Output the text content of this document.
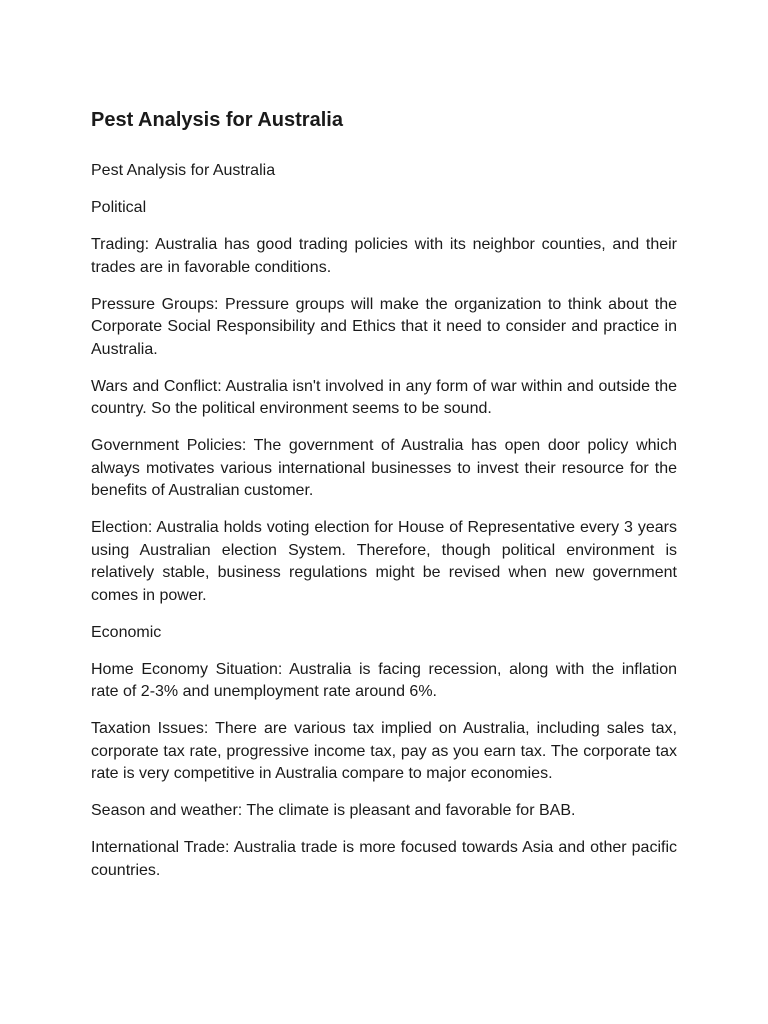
Pest Analysis for Australia

Pest Analysis for Australia

Political

Trading: Australia has good trading policies with its neighbor counties, and their trades are in favorable conditions.

Pressure Groups: Pressure groups will make the organization to think about the Corporate Social Responsibility and Ethics that it need to consider and practice in Australia.

Wars and Conflict: Australia isn't involved in any form of war within and outside the country. So the political environment seems to be sound.

Government Policies: The government of Australia has open door policy which always motivates various international businesses to invest their resource for the benefits of Australian customer.

Election: Australia holds voting election for House of Representative every 3 years using Australian election System. Therefore, though political environment is relatively stable, business regulations might be revised when new government comes in power.

Economic

Home Economy Situation: Australia is facing recession, along with the inflation rate of 2-3% and unemployment rate around 6%.

Taxation Issues: There are various tax implied on Australia, including sales tax, corporate tax rate, progressive income tax, pay as you earn tax. The corporate tax rate is very competitive in Australia compare to major economies.

Season and weather: The climate is pleasant and favorable for BAB.

International Trade: Australia trade is more focused towards Asia and other pacific countries.
